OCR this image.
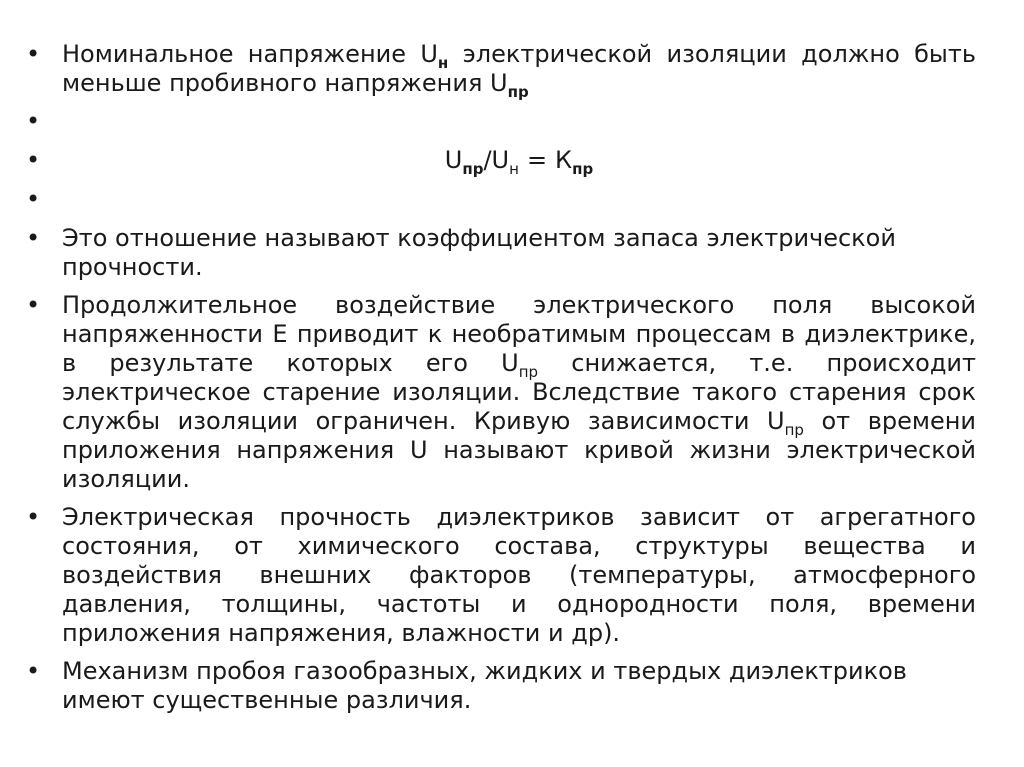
• Номинальное напряжение $U_н$ электрической изоляции должно быть меньше пробивного напряжения $U_{пр}$
•
•	$U_{пр}/U_н = К_{пр}$
•
• Это отношение называют коэффициентом запаса электрической прочности.
• Продолжительное воздействие электрического поля высокой напряженности Е приводит к необратимым процессам в диэлектрике, в результате которых его $U_{пр}$ снижается, т.е. происходит электрическое старение изоляции. Вследствие такого старения срок службы изоляции ограничен. Кривую зависимости $U_{пр}$ от времени приложения напряжения U называют кривой жизни электрической изоляции.
• Электрическая прочность диэлектриков зависит от агрегатного состояния, от химического состава, структуры вещества и воздействия внешних факторов (температуры, атмосферного давления, толщины, частоты и однородности поля, времени приложения напряжения, влажности и др).
• Механизм пробоя газообразных, жидких и твердых диэлектриков имеют существенные различия.
